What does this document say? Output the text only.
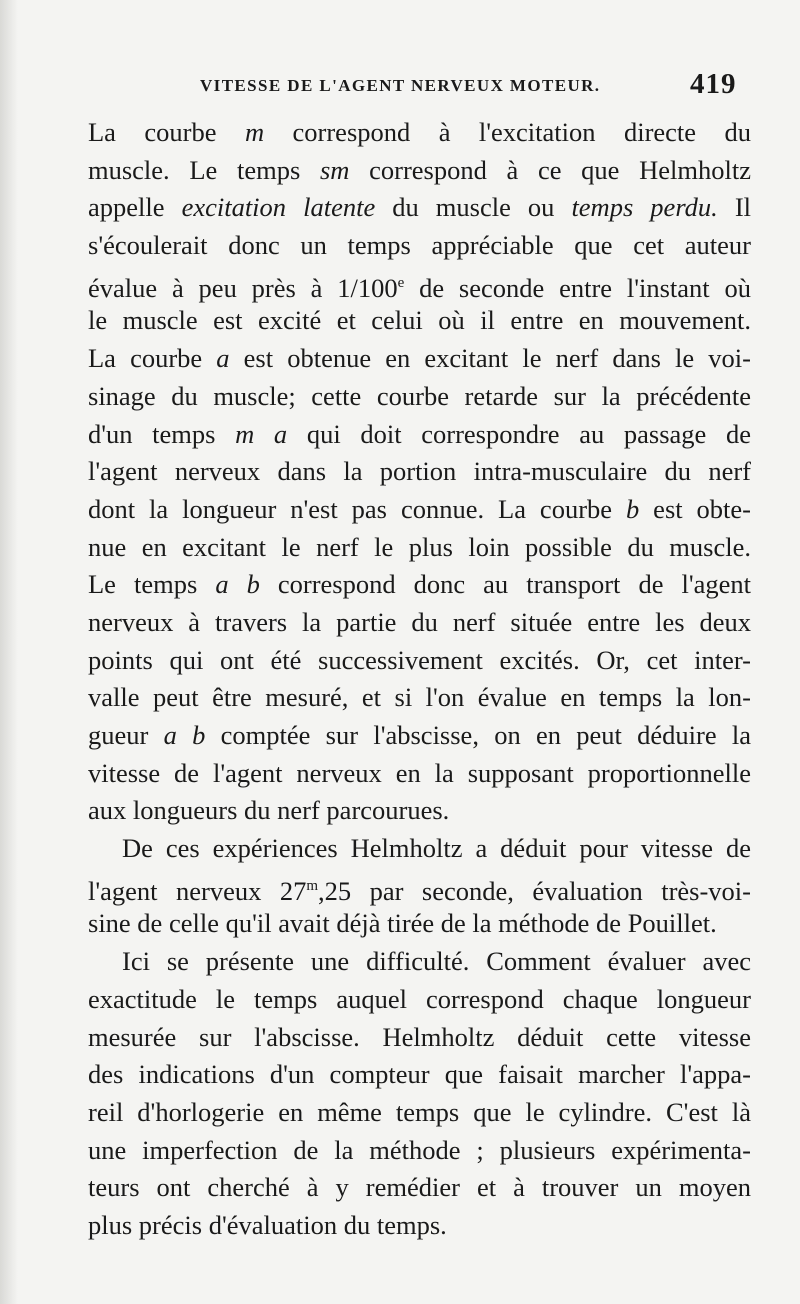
VITESSE DE L'AGENT NERVEUX MOTEUR.	419
La courbe m correspond à l'excitation directe du
muscle. Le temps sm correspond à ce que Helmholtz
appelle excitation latente du muscle ou temps perdu. Il
s'écoulerait donc un temps appréciable que cet auteur
évalue à peu près à 1/100e de seconde entre l'instant où
le muscle est excité et celui où il entre en mouvement.
La courbe a est obtenue en excitant le nerf dans le voi-
sinage du muscle; cette courbe retarde sur la précédente
d'un temps m a qui doit correspondre au passage de
l'agent nerveux dans la portion intra-musculaire du nerf
dont la longueur n'est pas connue. La courbe b est obte-
nue en excitant le nerf le plus loin possible du muscle.
Le temps a b correspond donc au transport de l'agent
nerveux à travers la partie du nerf située entre les deux
points qui ont été successivement excités. Or, cet inter-
valle peut être mesuré, et si l'on évalue en temps la lon-
gueur a b comptée sur l'abscisse, on en peut déduire la
vitesse de l'agent nerveux en la supposant proportionnelle
aux longueurs du nerf parcourues.
De ces expériences Helmholtz a déduit pour vitesse de
l'agent nerveux 27$^m$,25 par seconde, évaluation très-voi-
sine de celle qu'il avait déjà tirée de la méthode de Pouillet.
Ici se présente une difficulté. Comment évaluer avec
exactitude le temps auquel correspond chaque longueur
mesurée sur l'abscisse. Helmholtz déduit cette vitesse
des indications d'un compteur que faisait marcher l'appa-
reil d'horlogerie en même temps que le cylindre. C'est là
une imperfection de la méthode ; plusieurs expérimenta-
teurs ont cherché à y remédier et à trouver un moyen
plus précis d'évaluation du temps.
